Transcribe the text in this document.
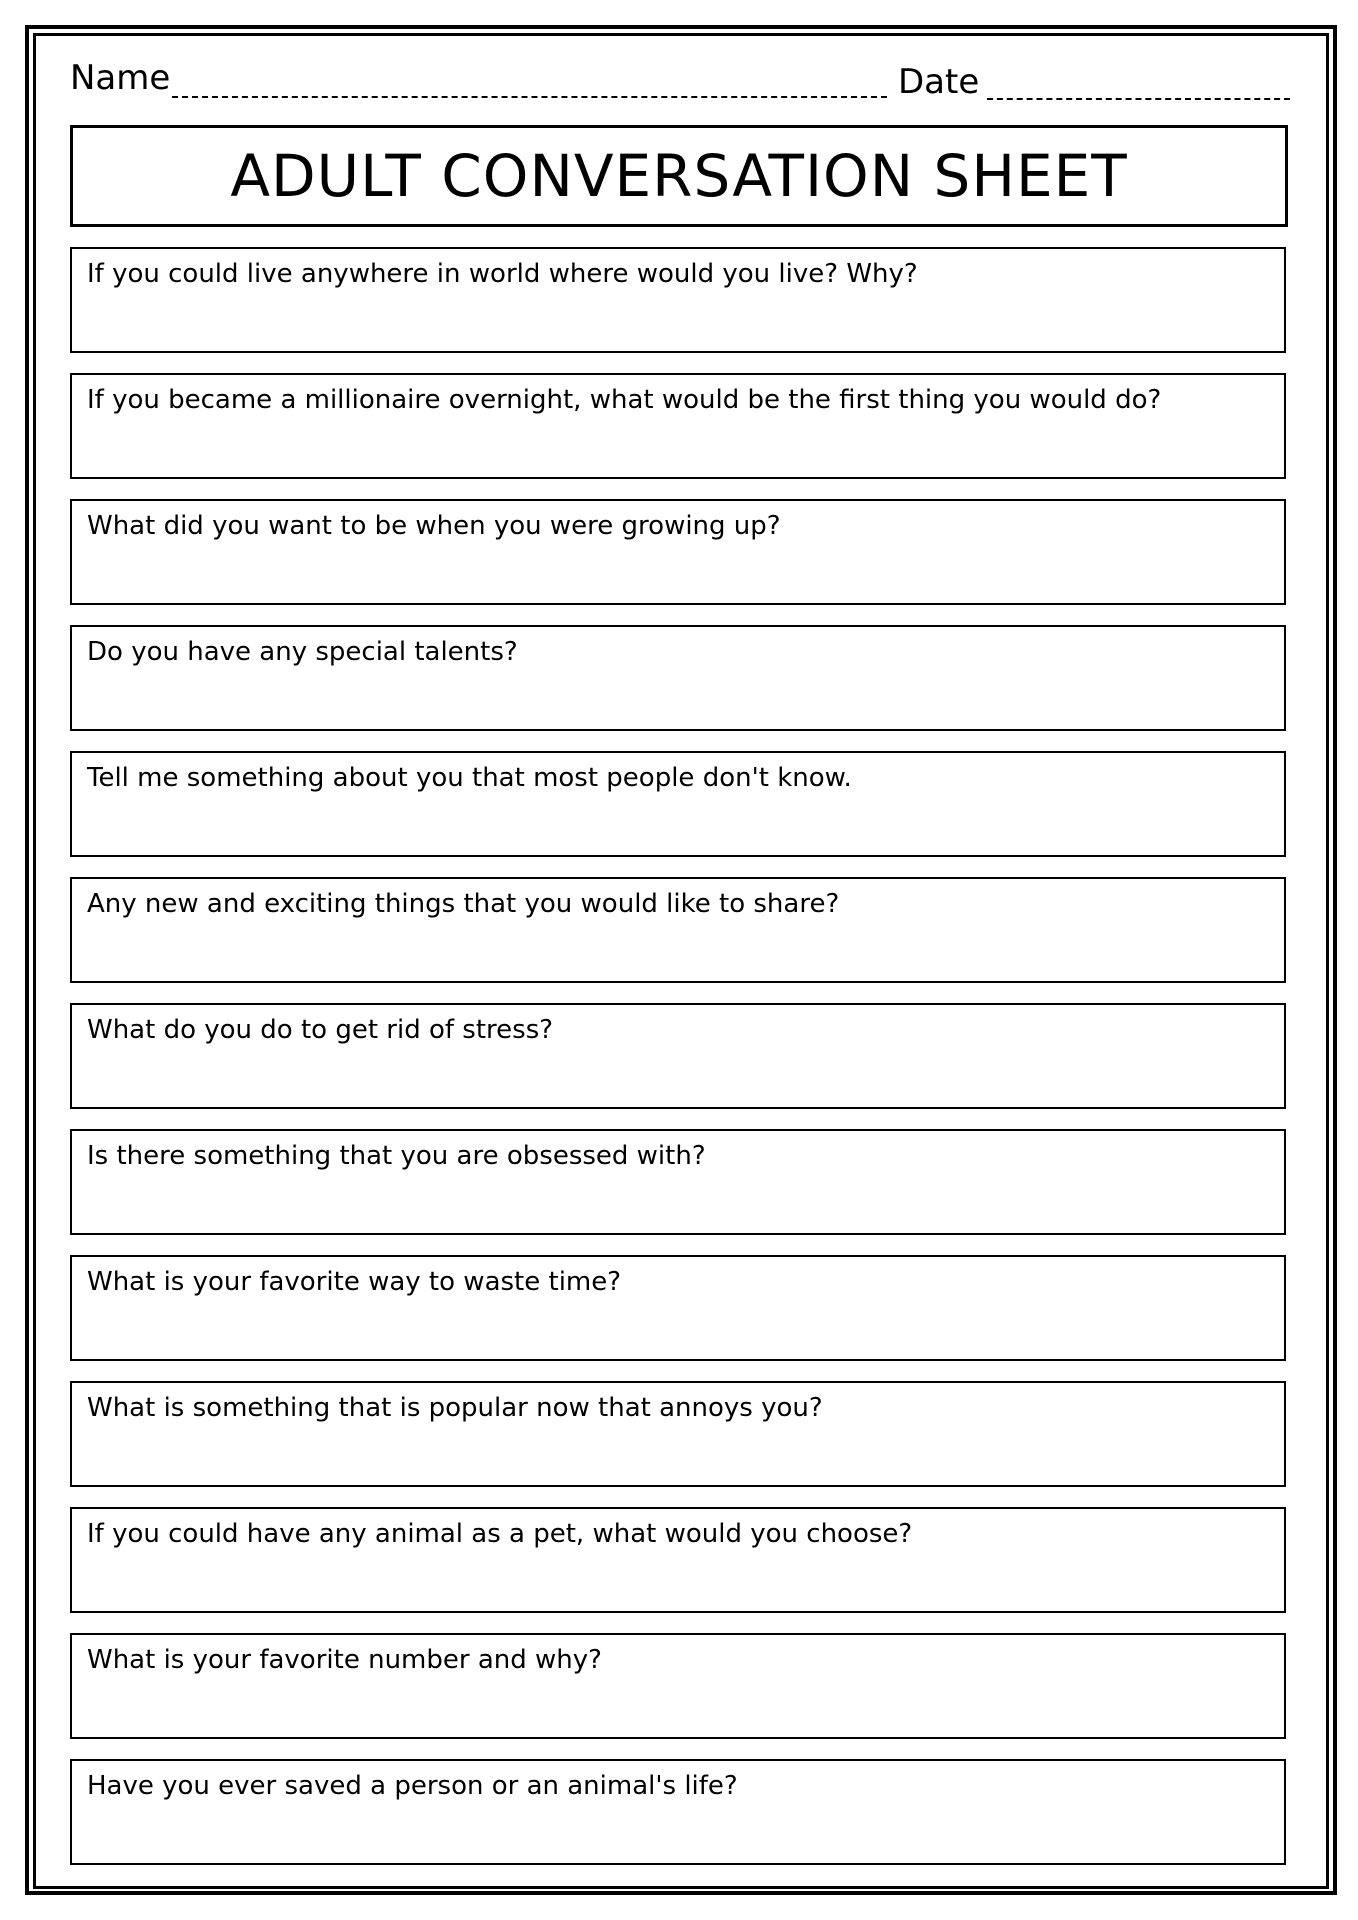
Name	Date
ADULT CONVERSATION SHEET
If you could live anywhere in world where would you live? Why?
If you became a millionaire overnight, what would be the first thing you would do?
What did you want to be when you were growing up?
Do you have any special talents?
Tell me something about you that most people don't know.
Any new and exciting things that you would like to share?
What do you do to get rid of stress?
Is there something that you are obsessed with?
What is your favorite way to waste time?
What is something that is popular now that annoys you?
If you could have any animal as a pet, what would you choose?
What is your favorite number and why?
Have you ever saved a person or an animal's life?
